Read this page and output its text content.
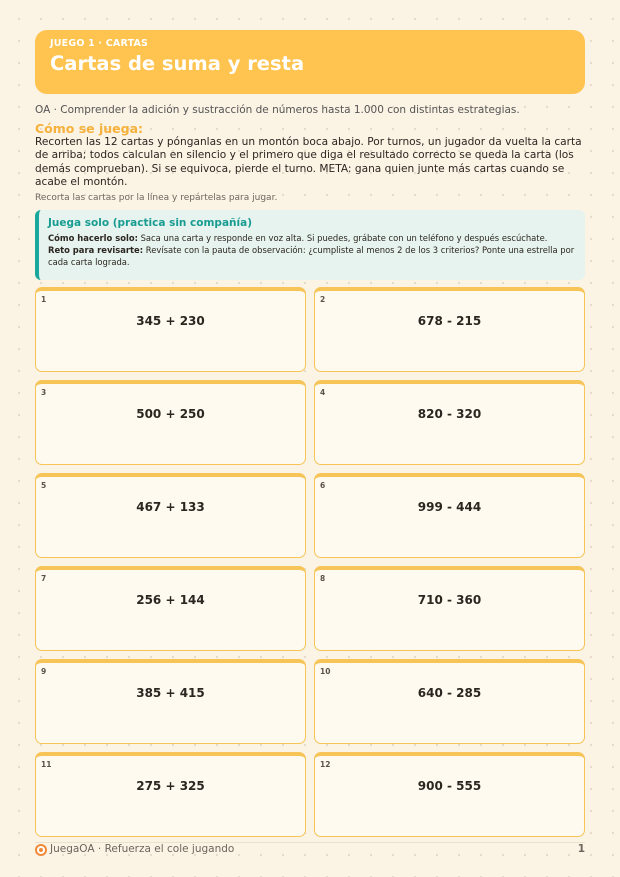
JUEGO 1 · CARTAS
Cartas de suma y resta
OA · Comprender la adición y sustracción de números hasta 1.000 con distintas estrategias.
Cómo se juega:
Recorten las 12 cartas y pónganlas en un montón boca abajo. Por turnos, un jugador da vuelta la carta de arriba; todos calculan en silencio y el primero que diga el resultado correcto se queda la carta (los demás comprueban). Si se equivoca, pierde el turno. META: gana quien junte más cartas cuando se acabe el montón.
Recorta las cartas por la línea y repártelas para jugar.
Juega solo (practica sin compañía)
Cómo hacerlo solo: Saca una carta y responde en voz alta. Si puedes, grábate con un teléfono y después escúchate.
Reto para revisarte: Revísate con la pauta de observación: ¿cumpliste al menos 2 de los 3 criterios? Ponte una estrella por cada carta lograda.
1
345 + 230
2
678 - 215
3
500 + 250
4
820 - 320
5
467 + 133
6
999 - 444
7
256 + 144
8
710 - 360
9
385 + 415
10
640 - 285
11
275 + 325
12
900 - 555
JuegaOA · Refuerza el cole jugando	1
